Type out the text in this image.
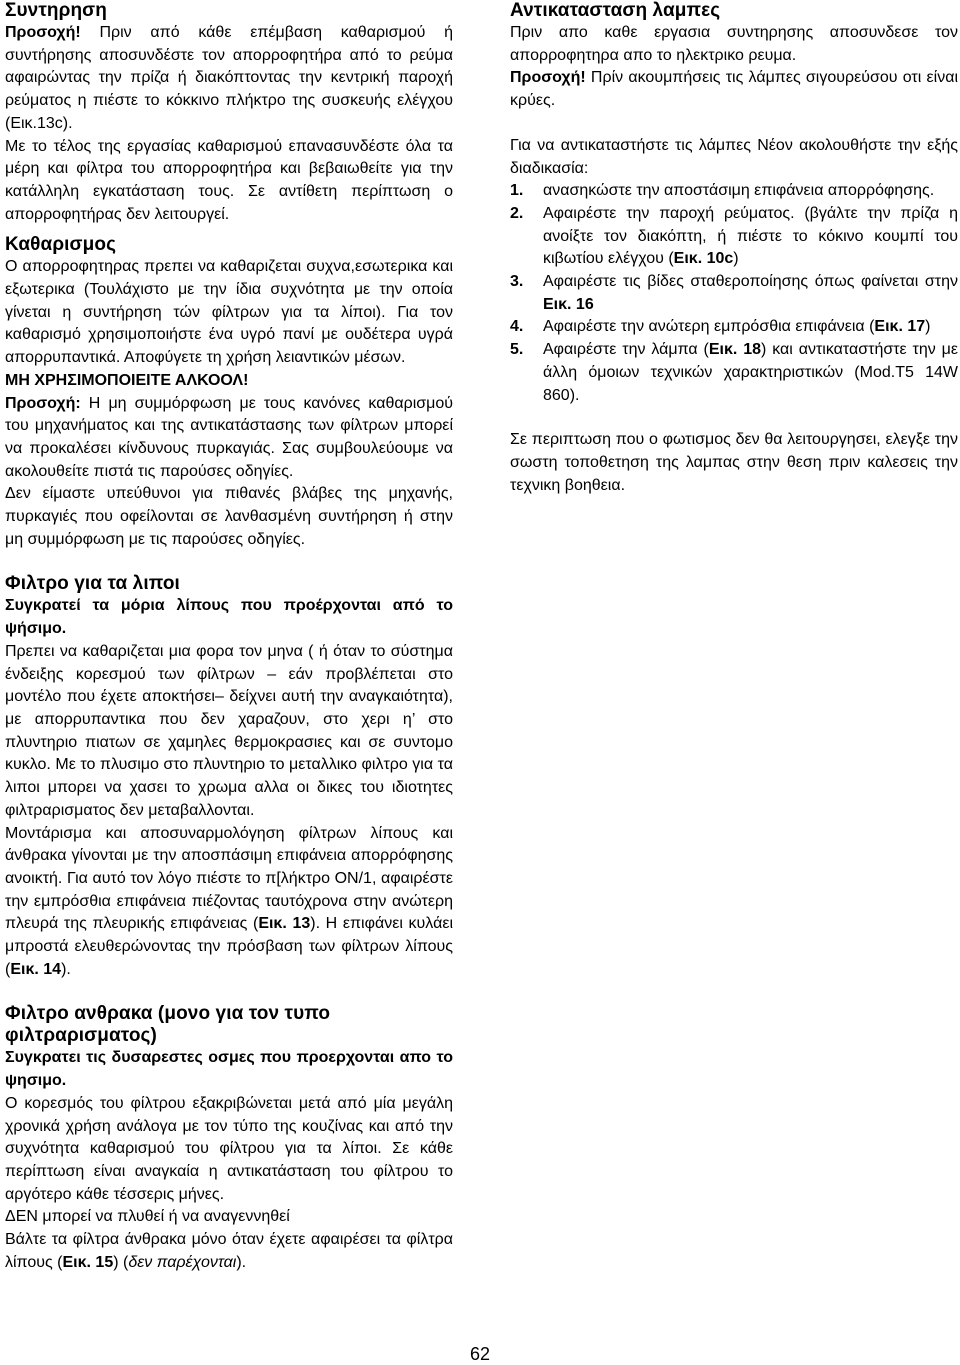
Συντηρηση

Προσοχή! Πριν από κάθε επέμβαση καθαρισμού ή συντήρησης αποσυνδέστε τον απορροφητήρα από το ρεύμα αφαιρώντας την πρίζα ή διακόπτοντας την κεντρική παροχή ρεύματος η πιέστε το κόκκινο πλήκτρο της συσκευής ελέγχου (Εικ.13c).

Με το τέλος της εργασίας καθαρισμού επανασυνδέστε όλα τα μέρη και φίλτρα του απορροφητήρα και βεβαιωθείτε για την κατάλληλη εγκατάσταση τους. Σε αντίθετη περίπτωση ο απορροφητήρας δεν λειτουργεί.

Καθαρισμος

Ο απορροφητηρας πρεπει να καθαριζεται συχνα,εσωτερικα και εξωτερικα (Τουλάχιστο με την ίδια συχνότητα με την οποία γίνεται η συντήρηση τών φίλτρων για τα λίποι). Για τον καθαρισμό χρησιμοποιήστε ένα υγρό πανί με ουδέτερα υγρά απορρυπαντικά. Αποφύγετε τη χρήση λειαντικών μέσων.

ΜΗ ΧΡΗΣΙΜΟΠΟΙΕΙΤΕ ΑΛΚΟΟΛ!

Προσοχή: Η μη συμμόρφωση με τους κανόνες καθαρισμού του μηχανήματος και της αντικατάστασης των φίλτρων μπορεί να προκαλέσει κίνδυνους πυρκαγιάς. Σας συμβουλεύουμε να ακολουθείτε πιστά τις παρούσες οδηγίες.

Δεν είμαστε υπεύθυνοι για πιθανές βλάβες της μηχανής, πυρκαγιές που οφείλονται σε λανθασμένη συντήρηση ή στην μη συμμόρφωση με τις παρούσες οδηγίες.

Φιλτρο για τα λιποι

Συγκρατεί τα μόρια λίπους που προέρχονται από το ψήσιμο.

Πρεπει να καθαριζεται μια φορα τον μηνα ( ή όταν το σύστημα ένδειξης κορεσμού των φίλτρων – εάν προβλέπεται στο μοντέλο που έχετε αποκτήσει– δείχνει αυτή την αναγκαιότητα), με απορρυπαντικα που δεν χαραζουν, στο χερι η’ στο πλυντηριο πιατων σε χαμηλες θερμοκρασιες και σε συντομο κυκλο. Με το πλυσιμο στο πλυντηριο το μεταλλικο φιλτρο για τα λιποι μπορει να χασει το χρωμα αλλα οι δικες του ιδιοτητες φιλτραρισματος δεν μεταβαλλονται.

Μοντάρισμα και αποσυναρμολόγηση φίλτρων λίπους και άνθρακα γίνονται με την αποσπάσιμη επιφάνεια απορρόφησης ανοικτή. Για αυτό τον λόγο πιέστε το π[λήκτρο ON/1, αφαιρέστε την εμπρόσθια επιφάνεια πιέζοντας ταυτόχρονα στην ανώτερη πλευρά της πλευρικής επιφάνειας (Εικ. 13). Η επιφάνει κυλάει μπροστά ελευθερώνοντας την πρόσβαση των φίλτρων λίπους (Εικ. 14).

Φιλτρο ανθρακα (μονο για τον τυπο φιλτραρισματος)

Συγκρατει τις δυσαρεστες οσμες που προερχονται απο το ψησιμο.

Ο κορεσμός του φίλτρου εξακριβώνεται μετά από μία μεγάλη χρονικά χρήση ανάλογα με τον τύπο της κουζίνας και από την συχνότητα καθαρισμού του φίλτρου για τα λίποι. Σε κάθε περίπτωση είναι αναγκαία η αντικατάσταση του φίλτρου το αργότερο κάθε τέσσερις μήνες.

ΔΕΝ μπορεί να πλυθεί ή να αναγεννηθεί

Βάλτε τα φίλτρα άνθρακα μόνο όταν έχετε αφαιρέσει τα φίλτρα λίπους (Εικ. 15) (δεν παρέχονται).

Αντικατασταση λαμπες

Πριν απο καθε εργασια συντηρησης αποσυνδεσε τον απορροφητηρα απο το ηλεκτρικο ρευμα.

Προσοχή! Πρίν ακουμπήσεις τις λάμπες σιγουρεύσου οτι είναι κρύες.

Για να αντικαταστήστε τις λάμπες Νέον ακολουθήστε την εξής διαδικασία:

1. ανασηκώστε την αποστάσιμη επιφάνεια απορρόφησης.
2. Αφαιρέστε την παροχή ρεύματος. (βγάλτε την πρίζα η ανοίξτε τον διακόπτη, ή πιέστε το κόκινο κουμπί του κιβωτίου ελέγχου (Εικ. 10c)
3. Αφαιρέστε τις βίδες σταθεροποίησης όπως φαίνεται στην Εικ. 16
4. Αφαιρέστε την ανώτερη εμπρόσθια επιφάνεια (Εικ. 17)
5. Αφαιρέστε την λάμπα (Εικ. 18) και αντικαταστήστε την με άλλη όμοιων τεχνικών χαρακτηριστικών (Mod.T5 14W 860).

Σε περιπτωση που ο φωτισμος δεν θα λειτουργησει, ελεγξε την σωστη τοποθετηση της λαμπας στην θεση πριν καλεσεις την τεχνικη βοηθεια.

62
